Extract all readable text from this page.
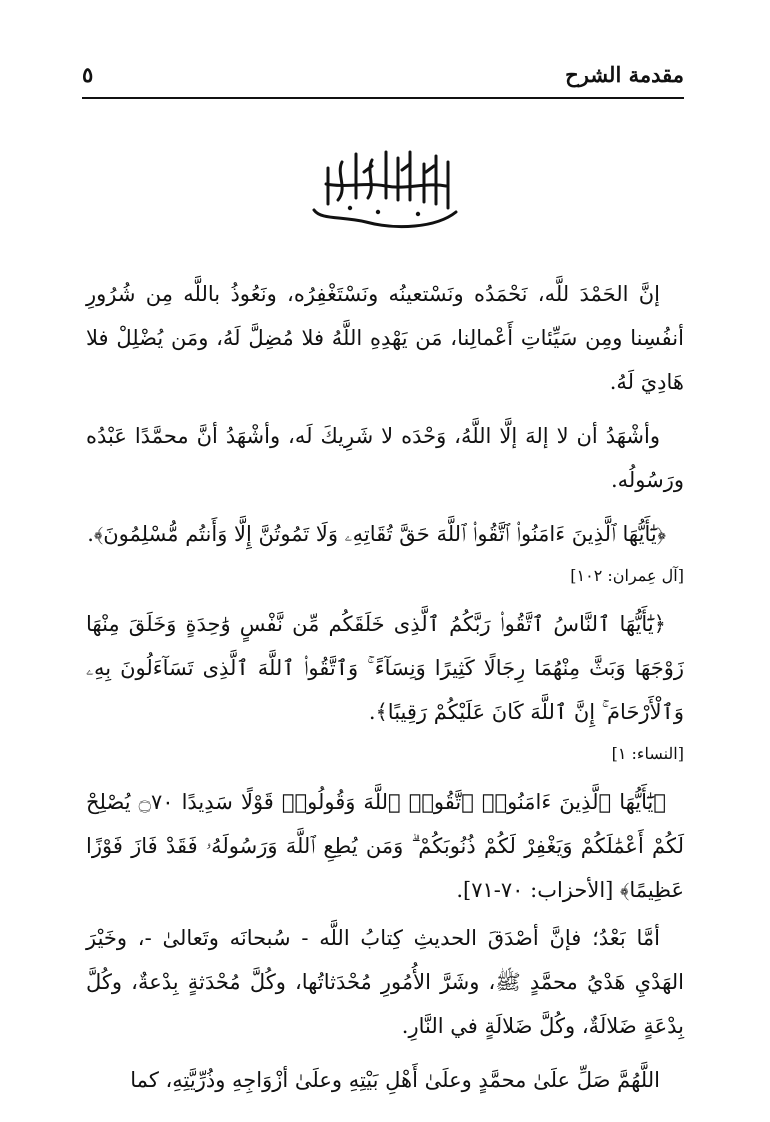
مقدمة الشرح
٥

إنَّ الحَمْدَ للَّه، نَحْمَدُه ونَسْتعينُه ونَسْتَغْفِرُه، ونَعُوذُ باللَّه مِن شُرُورِ أنفُسِنا ومِن سَيِّئاتِ أَعْمالِنا، مَن يَهْدِهِ اللَّهُ فلا مُضِلَّ لَهُ، ومَن يُضْلِلْ فلا هَادِيَ لَهُ.

وأشْهَدُ أن لا إلهَ إلَّا اللَّهُ، وَحْدَه لا شَرِيكَ لَه، وأشْهَدُ أنَّ محمَّدًا عَبْدُه ورَسُولُه.

﴿يَٰٓأَيُّهَا ٱلَّذِينَ ءَامَنُوا۟ ٱتَّقُوا۟ ٱللَّهَ حَقَّ تُقَاتِهِۦ وَلَا تَمُوتُنَّ إِلَّا وَأَنتُم مُّسْلِمُونَ﴾.

[آل عِمران: ١٠٢]

﴿يَٰٓأَيُّهَا ٱلنَّاسُ ٱتَّقُوا۟ رَبَّكُمُ ٱلَّذِى خَلَقَكُم مِّن نَّفْسٍ وَٰحِدَةٍ وَخَلَقَ مِنْهَا زَوْجَهَا وَبَثَّ مِنْهُمَا رِجَالًا كَثِيرًا وَنِسَآءً ۚ وَٱتَّقُوا۟ ٱللَّهَ ٱلَّذِى تَسَآءَلُونَ بِهِۦ وَٱلْأَرْحَامَ ۚ إِنَّ ٱللَّهَ كَانَ عَلَيْكُمْ رَقِيبًا﴾.

[النساء: ١]

﴿يَٰٓأَيُّهَا ٱلَّذِينَ ءَامَنُوا۟ ٱتَّقُوا۟ ٱللَّهَ وَقُولُوا۟ قَوْلًا سَدِيدًا ۝٧٠ يُصْلِحْ لَكُمْ أَعْمَٰلَكُمْ وَيَغْفِرْ لَكُمْ ذُنُوبَكُمْ ۗ وَمَن يُطِعِ ٱللَّهَ وَرَسُولَهُۥ فَقَدْ فَازَ فَوْزًا عَظِيمًا﴾ [الأحزاب: ٧٠-٧١].

أمَّا بَعْدُ؛ فإنَّ أصْدَقَ الحديثِ كِتابُ اللَّه - سُبحانَه وتَعالىٰ -، وخَيْرَ الهَدْيِ هَدْيُ محمَّدٍ ﷺ، وشَرَّ الأُمُورِ مُحْدَثاتُها، وكُلَّ مُحْدَثةٍ بِدْعةٌ، وكُلَّ بِدْعَةٍ ضَلالَةٌ، وكُلَّ ضَلالَةٍ في النَّارِ.

اللَّهُمَّ صَلِّ علَىٰ محمَّدٍ وعلَىٰ أَهْلِ بَيْتِهِ وعلَىٰ أزْوَاجِهِ وذُرِّيَّتِهِ، كما
